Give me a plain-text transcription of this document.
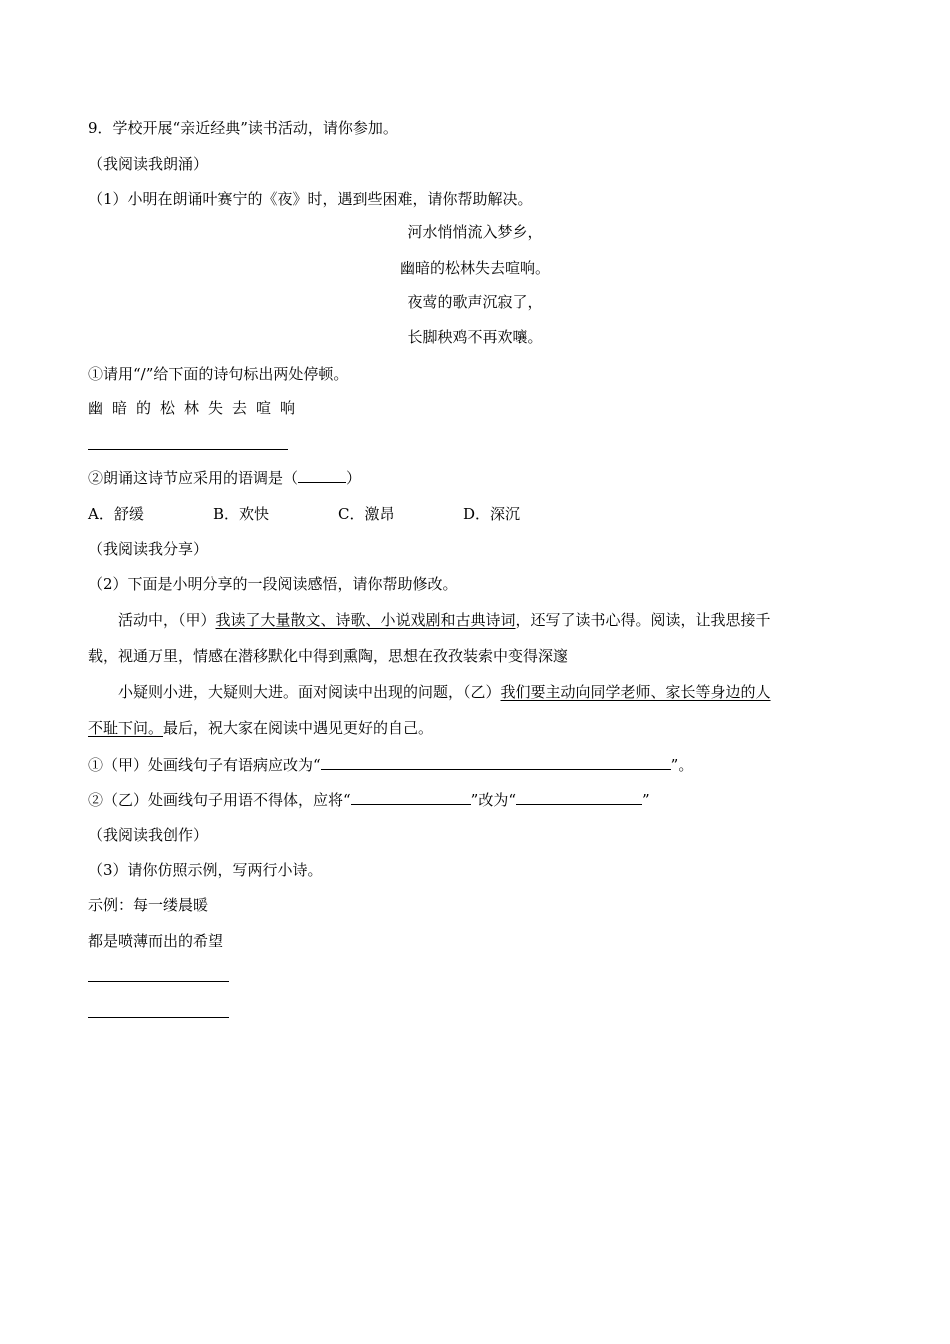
9．学校开展“亲近经典”读书活动，请你参加。
（我阅读我朗涌）
（1）小明在朗诵叶赛宁的《夜》时，遇到些困难，请你帮助解决。
河水悄悄流入梦乡，
幽暗的松林失去喧响。
夜莺的歌声沉寂了，
长脚秧鸡不再欢嚷。
①请用“/”给下面的诗句标出两处停顿。
幽暗的松林失去喧响
②朗诵这诗节应采用的语调是（	）
A．舒缓	B．欢快	C．激昂	D．深沉
（我阅读我分享）
（2）下面是小明分享的一段阅读感悟，请你帮助修改。
活动中，（甲）我读了大量散文、诗歌、小说戏剧和古典诗词，还写了读书心得。阅读，让我思接千
载，视通万里，情感在潜移默化中得到熏陶，思想在孜孜装索中变得深邃
小疑则小进，大疑则大进。面对阅读中出现的问题，（乙）我们要主动向同学老师、家长等身边的人
不耻下问。最后，祝大家在阅读中遇见更好的自己。
①（甲）处画线句子有语病应改为“	”。
②（乙）处画线句子用语不得体，应将“	”改为“	”
（我阅读我创作）
（3）请你仿照示例，写两行小诗。
示例：每一缕晨暖
都是喷薄而出的希望
